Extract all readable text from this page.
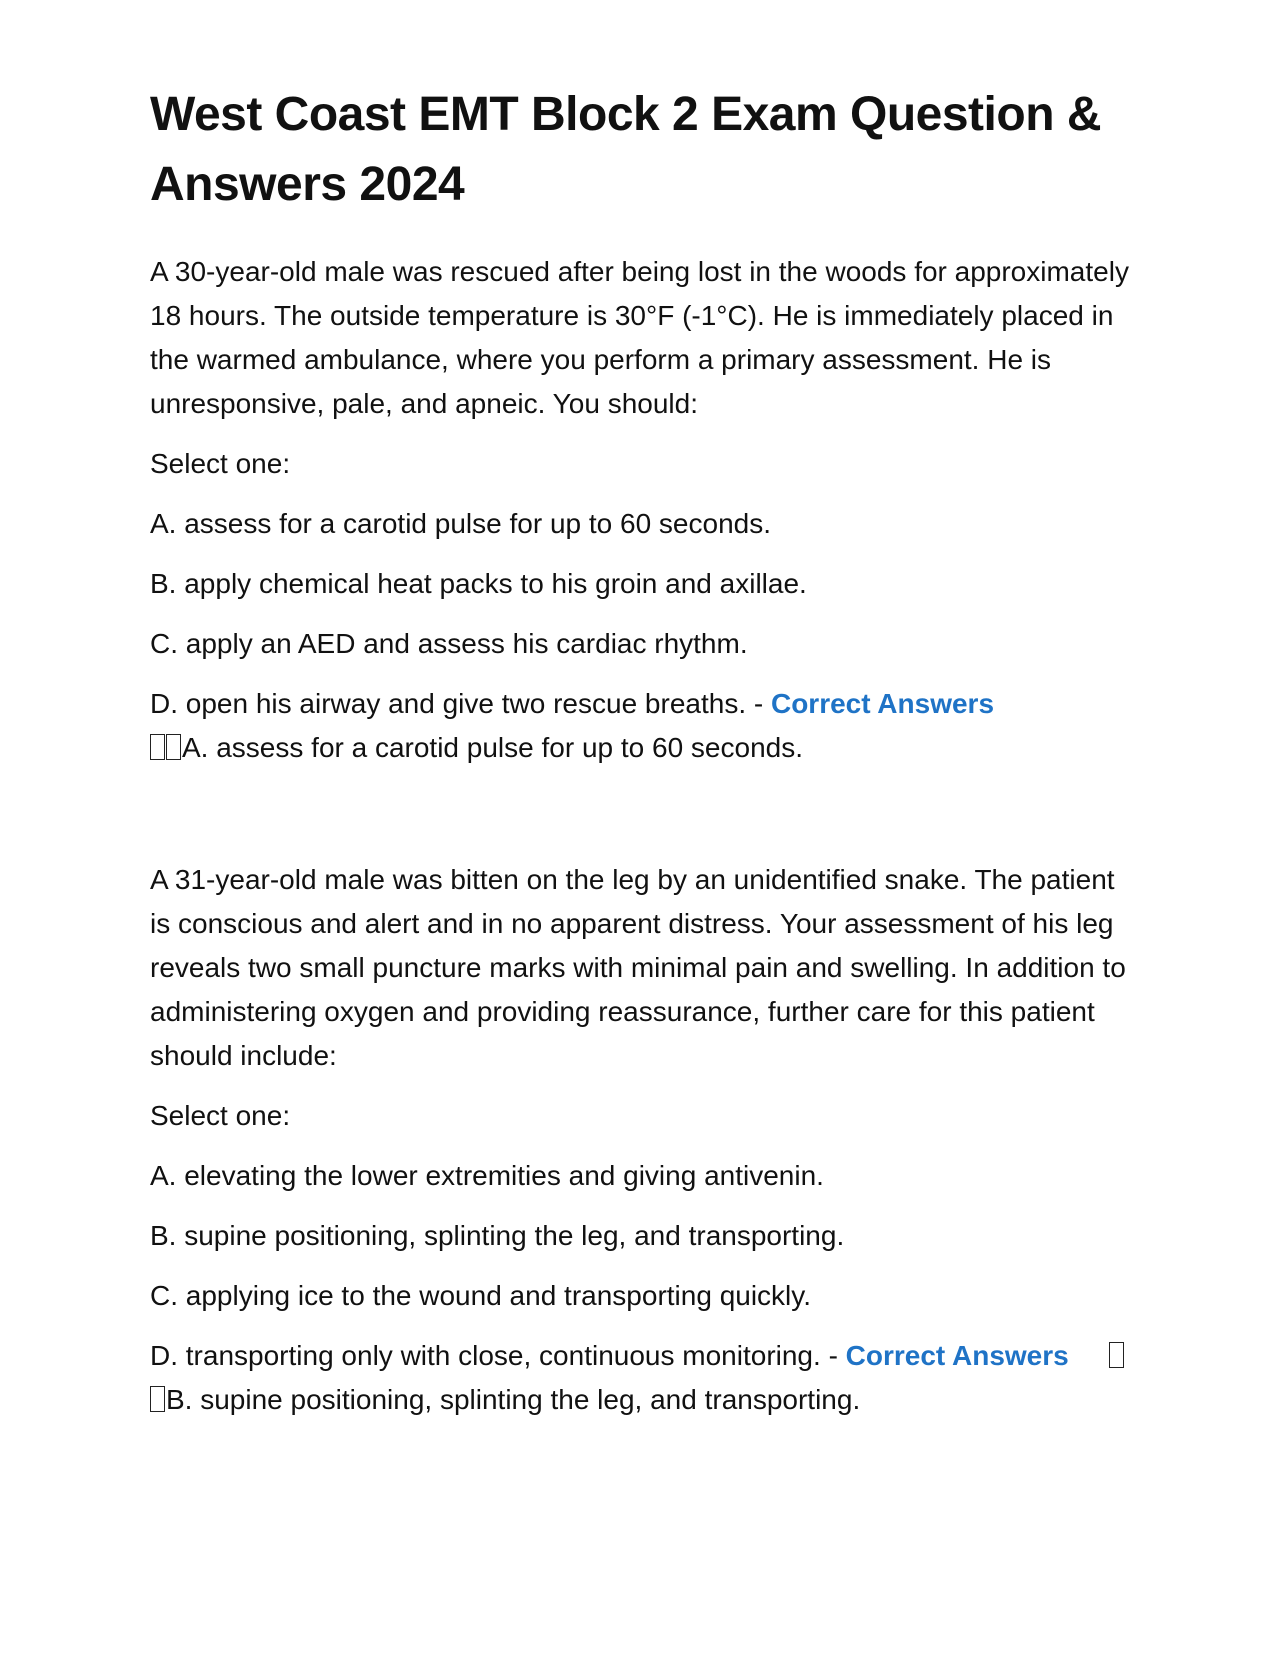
West Coast EMT Block 2 Exam Question & Answers 2024

A 30-year-old male was rescued after being lost in the woods for approximately 18 hours. The outside temperature is 30°F (-1°C). He is immediately placed in the warmed ambulance, where you perform a primary assessment. He is unresponsive, pale, and apneic. You should:

Select one:

A. assess for a carotid pulse for up to 60 seconds.

B. apply chemical heat packs to his groin and axillae.

C. apply an AED and assess his cardiac rhythm.

D. open his airway and give two rescue breaths. - Correct Answers
A. assess for a carotid pulse for up to 60 seconds.

A 31-year-old male was bitten on the leg by an unidentified snake. The patient is conscious and alert and in no apparent distress. Your assessment of his leg reveals two small puncture marks with minimal pain and swelling. In addition to administering oxygen and providing reassurance, further care for this patient should include:

Select one:

A. elevating the lower extremities and giving antivenin.

B. supine positioning, splinting the leg, and transporting.

C. applying ice to the wound and transporting quickly.

D. transporting only with close, continuous monitoring. - Correct AnswersB. supine positioning, splinting the leg, and transporting.
